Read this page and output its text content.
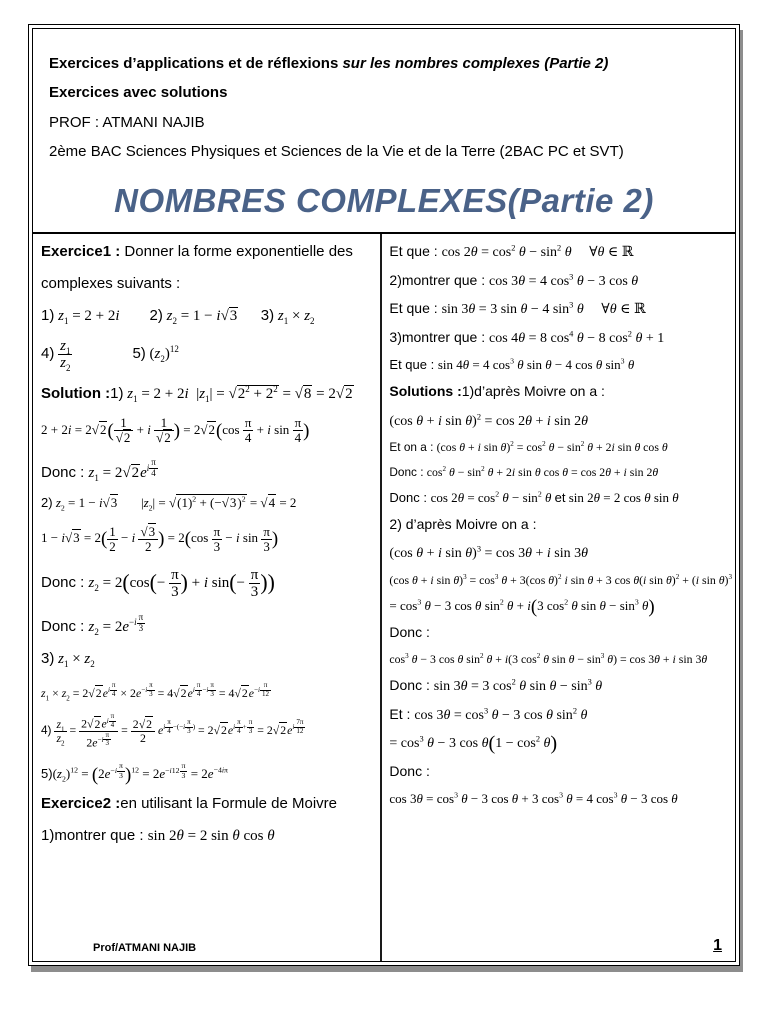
Exercices d’applications et de réflexions sur les nombres complexes (Partie 2)
Exercices avec solutions
PROF : ATMANI NAJIB
2ème BAC Sciences Physiques et Sciences de la Vie et de la Terre (2BAC PC et SVT)
NOMBRES COMPLEXES(Partie 2)
Exercice1 : Donner la forme exponentielle des
complexes suivants :
1) $z_1 = 2 + 2i$ 2) $z_2 = 1 - i√3$ 3) $z_1 \times z_2$
$4) \frac{z_1}{z_2}$	5) $(z_2)^{12}$
Solution :1) $z_1 = 2 + 2i$  $|z_1| = √2^2 + 2^2 = √8 = 2√2$
$2 + 2i = 2√2( \frac{1}{√2} + i \frac{1}{√2}$ ) = $2√2(\cos \frac{\pi}{4} + i$ $\sin \frac{\pi}{4}$ )
Donc : $z_1 = 2√2e^{i \frac{\pi}{4}}$
2) $z_2 = 1 - i√3$       $|z_2| = √(1)^2 + (-√3)^2 = √4 = 2$
$1 - i√3 = 2( \frac{1}{2} - i \frac{√3}{2}$ ) = $2(\cos \frac{\pi}{3} - i$ $\sin \frac{\pi}{3}$ )
Donc : $z_2 = 2(\cos(- \frac{\pi}{3}$ ) + i $\sin(- \frac{\pi}{3}$ ))
Donc : $z_2 = 2e^{-i \frac{\pi}{3}}$
3) $z_1 \times z_2$
$z_1 \times z_2 = 2√2e^{i \frac{\pi}{4}} \times 2e^{-i \frac{\pi}{3}} = 4√2e^{i \frac{\pi}{4} -i \frac{\pi}{3}} = 4√2e^{-i \frac{\pi}{12}}$
$4) \frac{z_1}{z_2} = 2√2e^{i \frac{\pi}{4}}$
$2e^{-i \frac{\pi}{3}}$
= $\frac{2√2}{2} e^{i \frac{\pi}{4} -(-i \frac{\pi}{3} )} = 2√2e^{i \frac{\pi}{4} + \frac{\pi}{3}} = 2√2e^{i \frac{7\pi}{12}}$
$5)(z_2)^{12} = (2e^{-i \frac{\pi}{3}}$ )$^{12} = 2e^{-i12 \frac{\pi}{3}} = 2e^{-4i\pi}$
Exercice2 :en utilisant la Formule de Moivre
1)montrer que : sin 2θ = 2 sin θ cos θ
Prof/ATMANI NAJIB
Et que : $\cos 2\theta = \cos^2 \theta - \sin^2 \theta$     ∀θ ∈ ℝ
2)montrer que : cos 3θ = 4 $\cos^3 \theta - 3$ cos θ
Et que : sin 3θ = 3 sin θ − 4 $\sin^3 \theta$     ∀θ ∈ ℝ
3)montrer que : cos 4θ = 8 $\cos^4 \theta - 8$ $\cos^2 \theta + 1$
Et que : sin 4θ = 4 $\cos^3 \theta$ sin θ − 4 cos θ $\sin^3 \theta$
Solutions :1)d’après Moivre on a :
(cos θ + i sin θ)$^2$ = cos 2θ + i sin 2θ
Et on a : (cos θ + i $\sin \theta)^2 = \cos^2 \theta - \sin^2 \theta + 2i$ sin θ cos θ
Donc : $\cos^2 \theta - \sin^2 \theta + 2i$ sin θ cos θ = cos 2θ + i sin 2θ
Donc : $\cos 2\theta = \cos^2 \theta - \sin^2 \theta$ et sin 2θ = 2 cos θ sin θ
2) d’après Moivre on a :
(cos θ + i sin θ)$^3$ = cos 3θ + i sin 3θ
(cos θ + i $\sin \theta)^3 = \cos^3 \theta + 3(\cos$ θ)$^2$ i sin θ + 3 cos θ(i sin θ)$^2$ + (i sin θ)$^3$
= $\cos^3 \theta - 3$ cos θ $\sin^2 \theta + i(3$ $\cos^2 \theta$ $\sin \theta - \sin^3 \theta$)
Donc :
$\cos^3 \theta - 3$ cos θ $\sin^2 \theta + i(3$ $\cos^2 \theta$ $\sin \theta - \sin^3 \theta) = \cos 3\theta + i$ sin 3θ
Donc : sin 3θ = 3 $\cos^2 \theta$ $\sin \theta - \sin^3 \theta$
Et : $\cos 3\theta = \cos^3 \theta - 3$ cos θ $\sin^2 \theta$
= $\cos^3 \theta - 3$ $\cos \theta(1 - \cos^2 \theta)$
Donc :
$\cos 3\theta = \cos^3 \theta - 3$ cos θ + 3 $\cos^3 \theta = 4$ $\cos^3 \theta - 3$ cos θ
1
